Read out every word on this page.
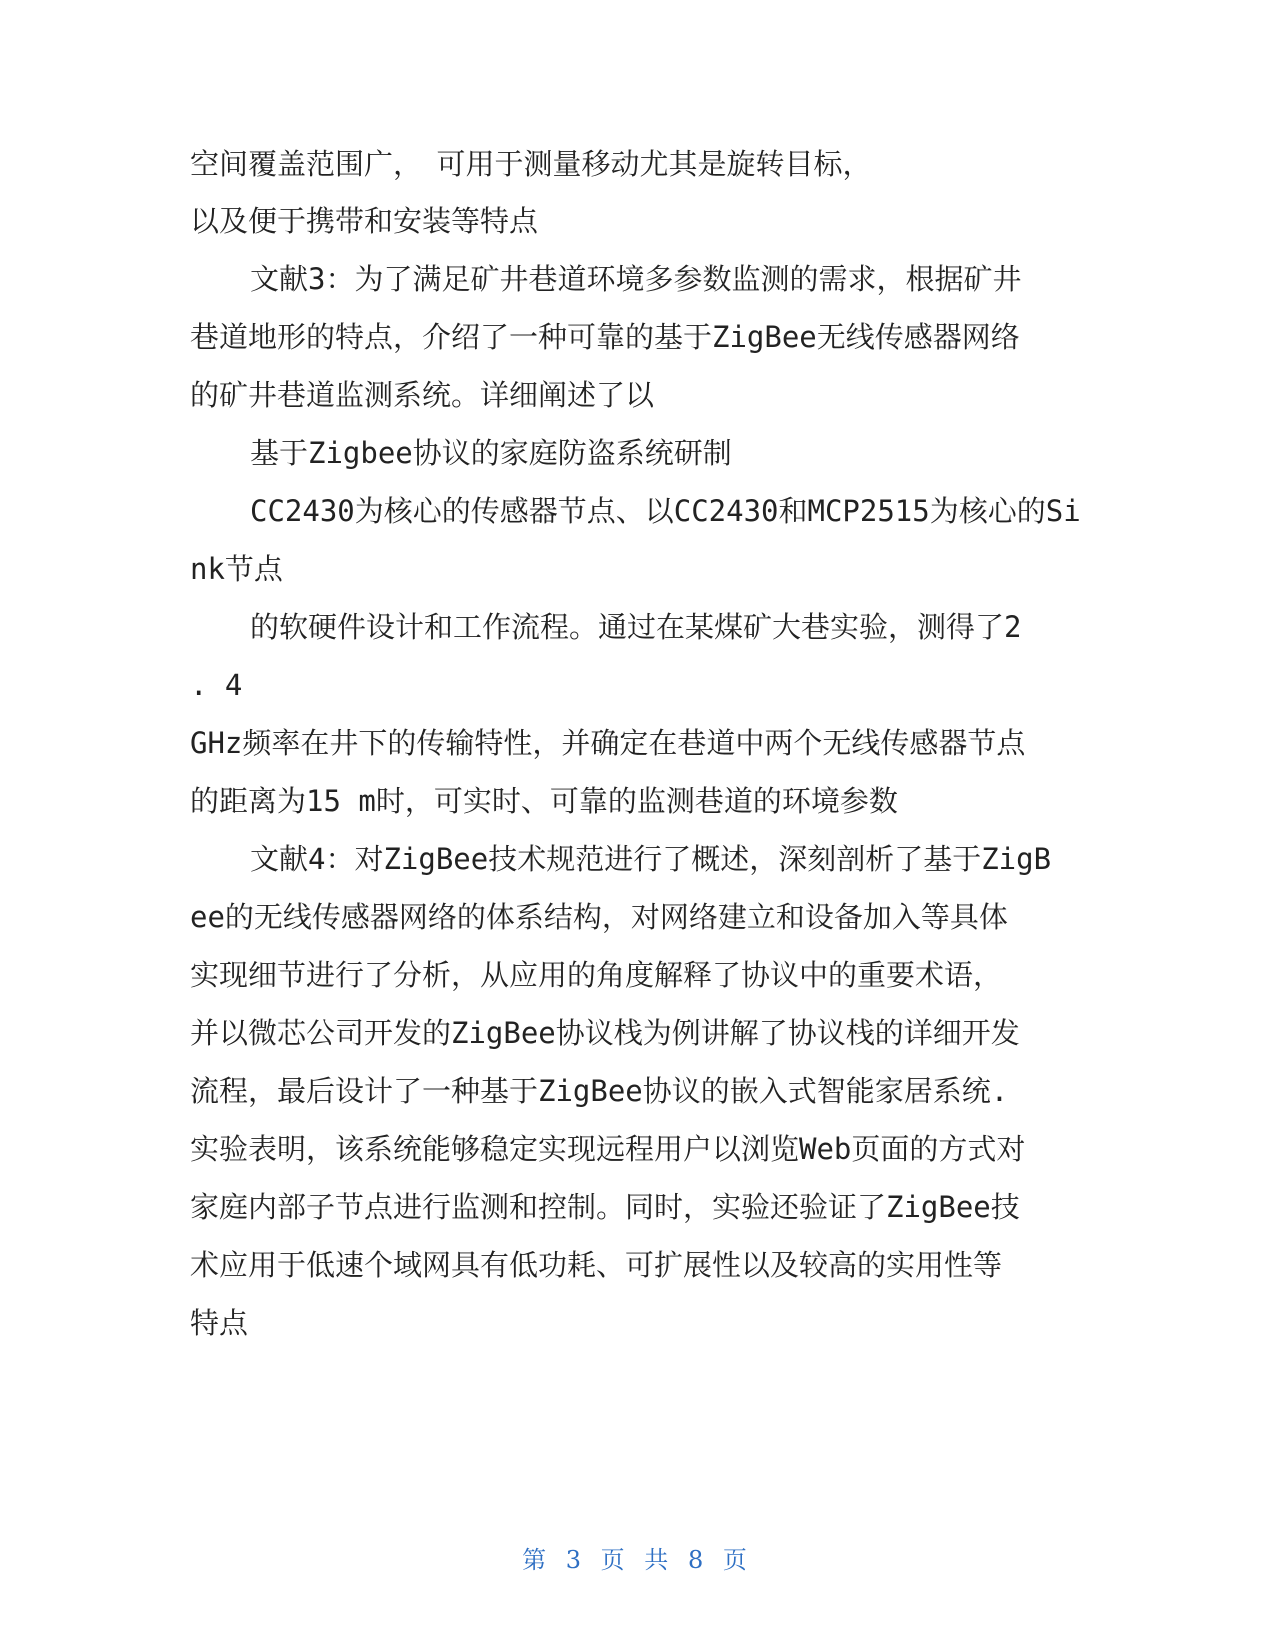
空间覆盖范围广，　可用于测量移动尤其是旋转目标，
以及便于携带和安装等特点
文献3：为了满足矿井巷道环境多参数监测的需求，根据矿井
巷道地形的特点，介绍了一种可靠的基于ZigBee无线传感器网络
的矿井巷道监测系统。详细阐述了以
基于Zigbee协议的家庭防盗系统研制
CC2430为核心的传感器节点、以CC2430和MCP2515为核心的Si
nk节点
的软硬件设计和工作流程。通过在某煤矿大巷实验，测得了2
. 4
GHz频率在井下的传输特性，并确定在巷道中两个无线传感器节点
的距离为15 m时，可实时、可靠的监测巷道的环境参数
文献4：对ZigBee技术规范进行了概述，深刻剖析了基于ZigB
ee的无线传感器网络的体系结构，对网络建立和设备加入等具体
实现细节进行了分析，从应用的角度解释了协议中的重要术语，
并以微芯公司开发的ZigBee协议栈为例讲解了协议栈的详细开发
流程，最后设计了一种基于ZigBee协议的嵌入式智能家居系统.
实验表明，该系统能够稳定实现远程用户以浏览Web页面的方式对
家庭内部子节点进行监测和控制。同时，实验还验证了ZigBee技
术应用于低速个域网具有低功耗、可扩展性以及较高的实用性等
特点
第 3 页 共 8 页
